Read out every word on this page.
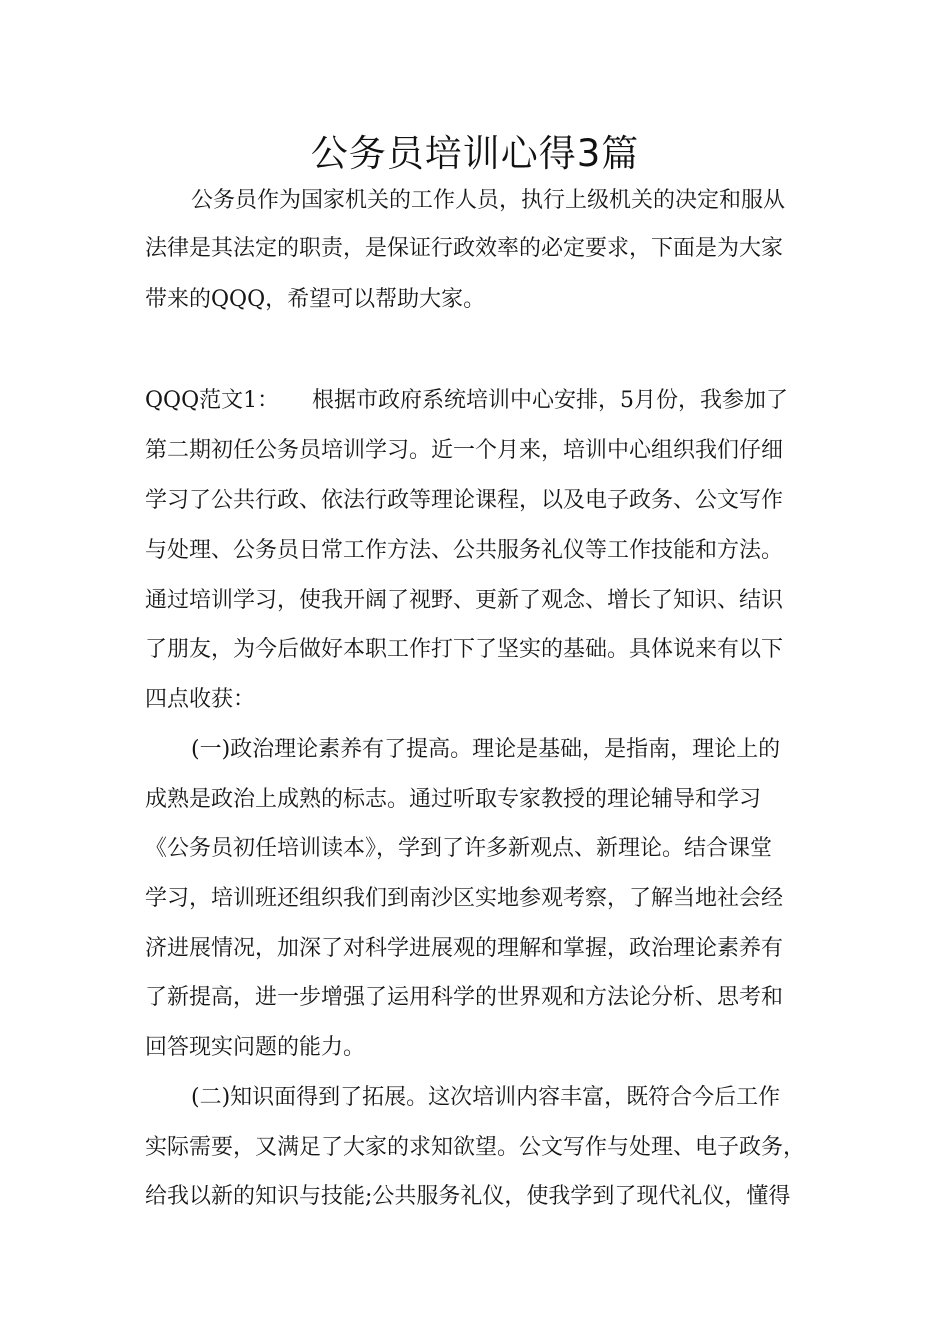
公务员培训心得3篇
公务员作为国家机关的工作人员，执行上级机关的决定和服从
法律是其法定的职责，是保证行政效率的必定要求，下面是为大家
带来的QQQ，希望可以帮助大家。
QQQ范文1： 根据市政府系统培训中心安排，5月份，我参加了
第二期初任公务员培训学习。近一个月来，培训中心组织我们仔细
学习了公共行政、依法行政等理论课程，以及电子政务、公文写作
与处理、公务员日常工作方法、公共服务礼仪等工作技能和方法。
通过培训学习，使我开阔了视野、更新了观念、增长了知识、结识
了朋友，为今后做好本职工作打下了坚实的基础。具体说来有以下
四点收获：
(一)政治理论素养有了提高。理论是基础，是指南，理论上的
成熟是政治上成熟的标志。通过听取专家教授的理论辅导和学习
《公务员初任培训读本》，学到了许多新观点、新理论。结合课堂
学习，培训班还组织我们到南沙区实地参观考察，了解当地社会经
济进展情况，加深了对科学进展观的理解和掌握，政治理论素养有
了新提高，进一步增强了运用科学的世界观和方法论分析、思考和
回答现实问题的能力。
(二)知识面得到了拓展。这次培训内容丰富，既符合今后工作
实际需要，又满足了大家的求知欲望。公文写作与处理、电子政务，
给我以新的知识与技能;公共服务礼仪，使我学到了现代礼仪，懂得
